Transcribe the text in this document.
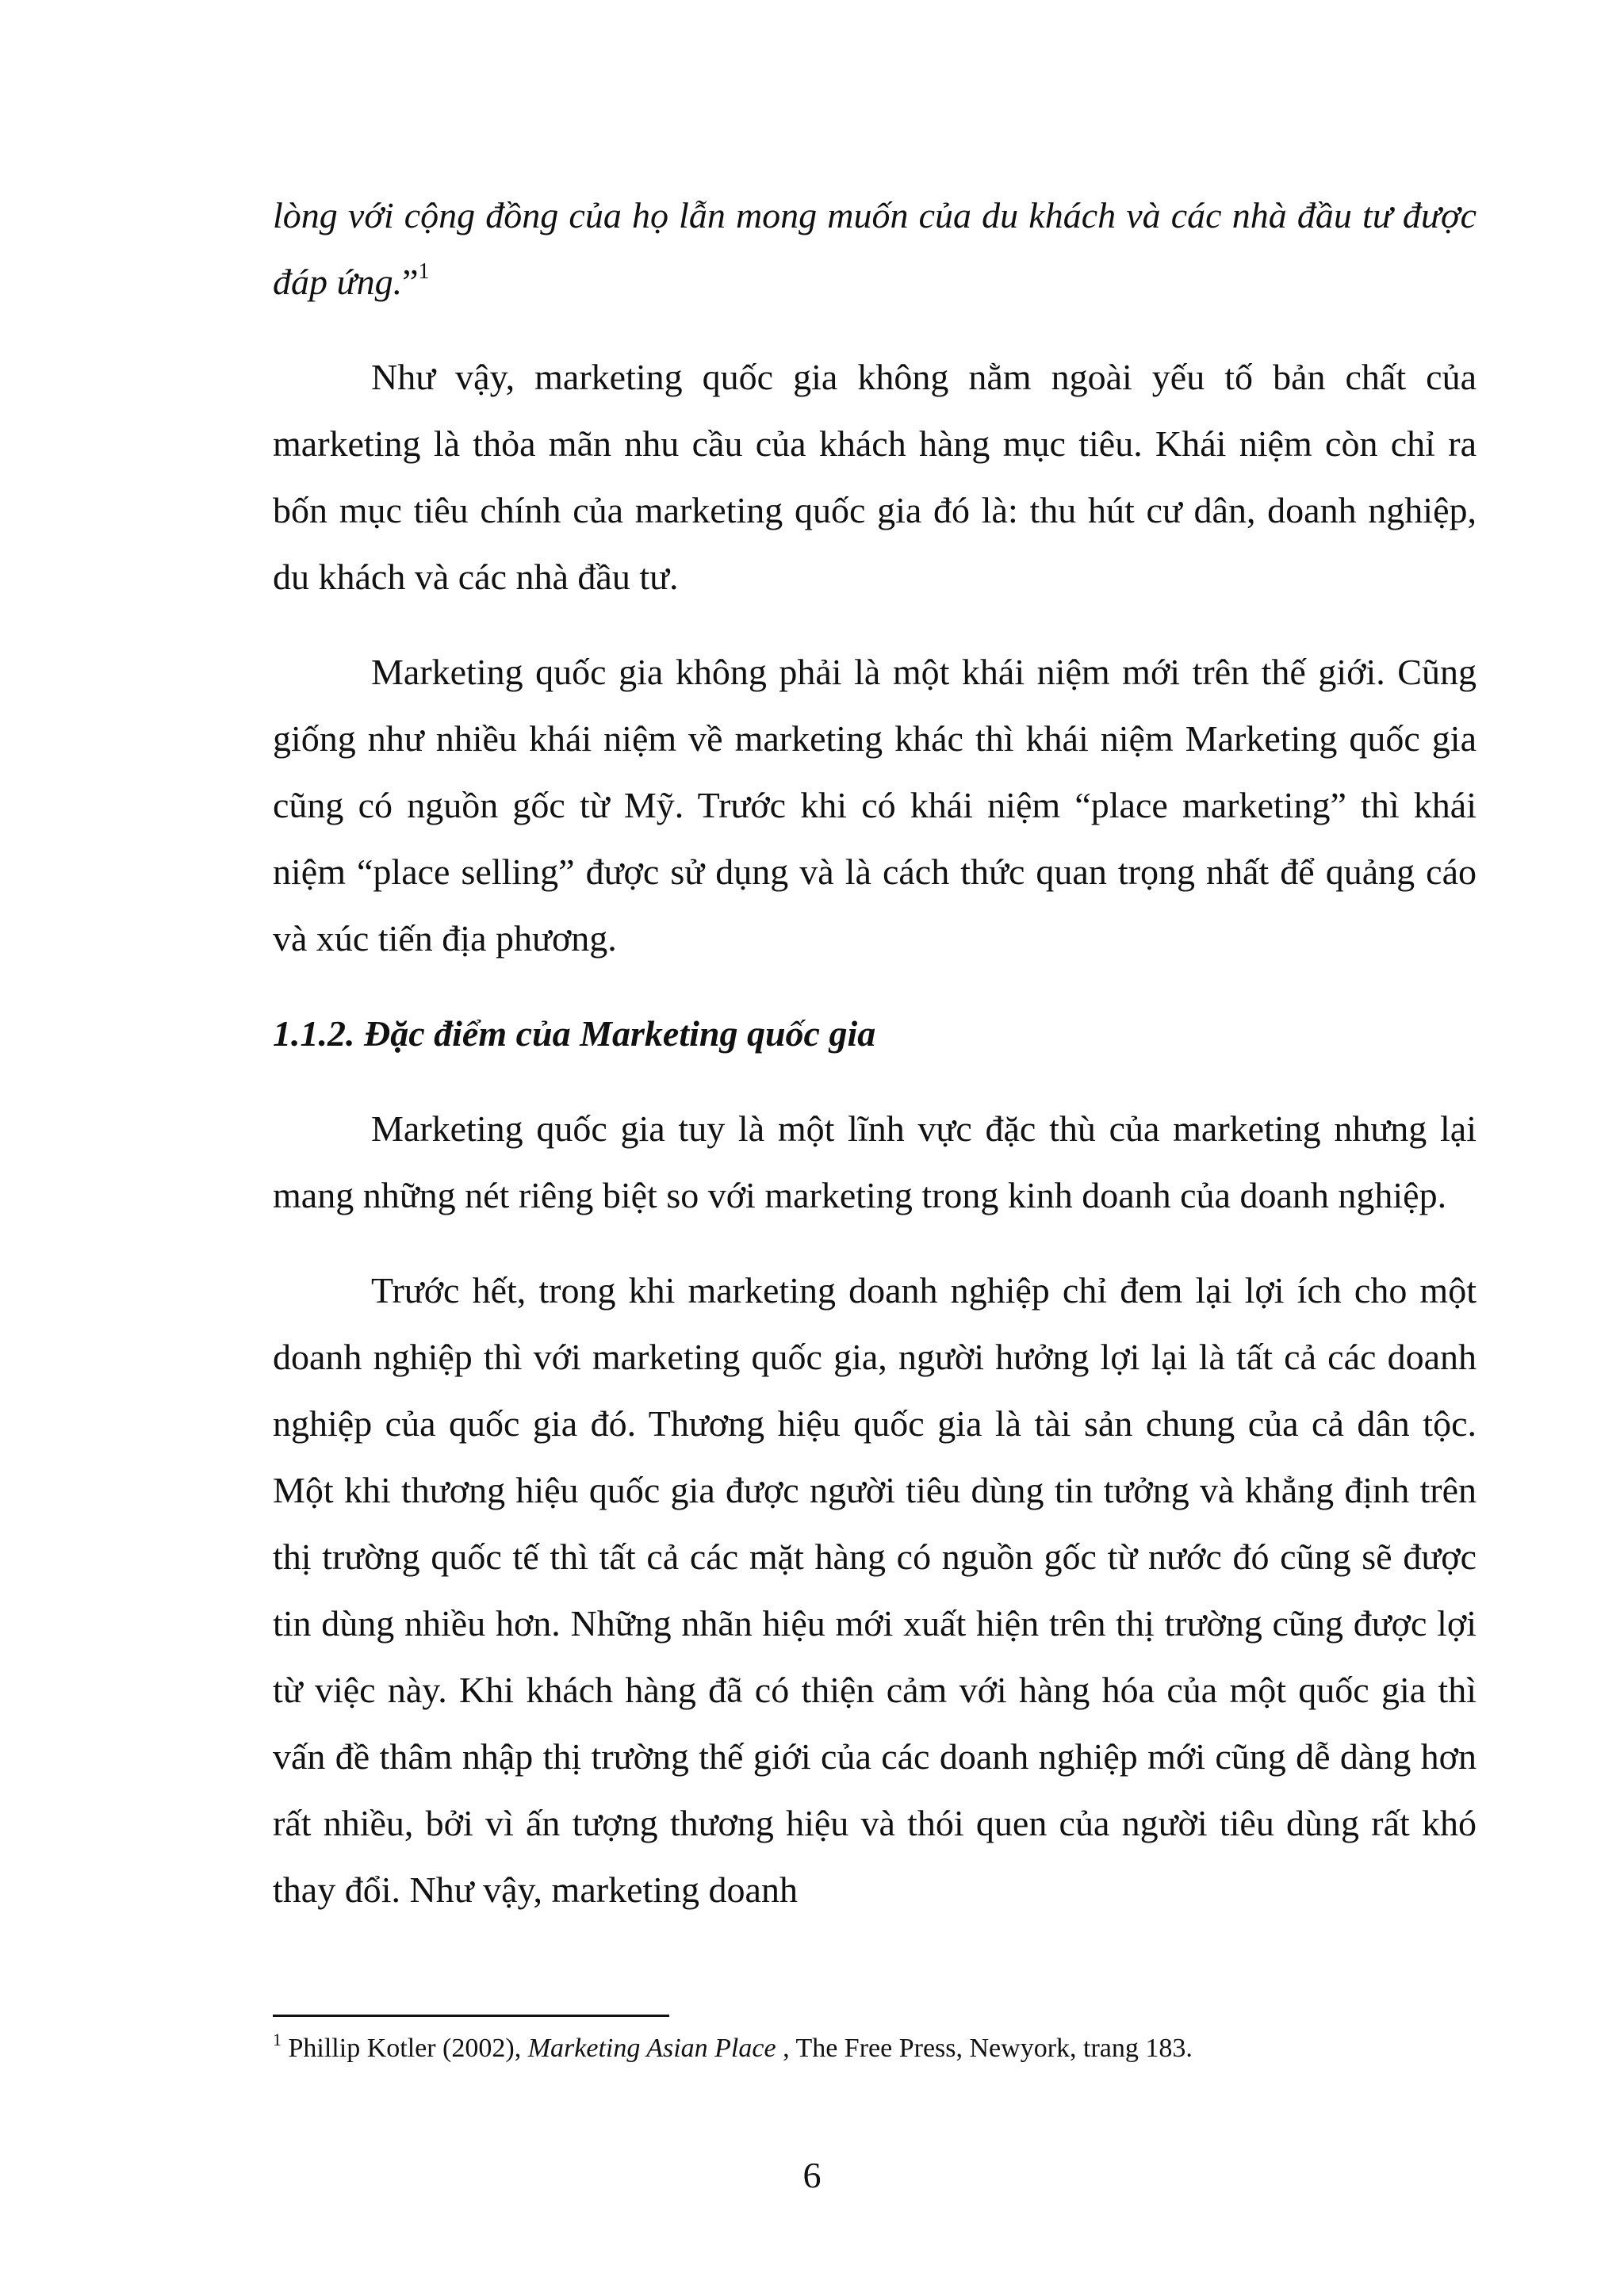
lòng với cộng đồng của họ lẫn mong muốn của du khách và các nhà đầu tư được đáp ứng.”$^1$

Như vậy, marketing quốc gia không nằm ngoài yếu tố bản chất của marketing là thỏa mãn nhu cầu của khách hàng mục tiêu. Khái niệm còn chỉ ra bốn mục tiêu chính của marketing quốc gia đó là: thu hút cư dân, doanh nghiệp, du khách và các nhà đầu tư.

Marketing quốc gia không phải là một khái niệm mới trên thế giới. Cũng giống như nhiều khái niệm về marketing khác thì khái niệm Marketing quốc gia cũng có nguồn gốc từ Mỹ. Trước khi có khái niệm “place marketing” thì khái niệm “place selling” được sử dụng và là cách thức quan trọng nhất để quảng cáo và xúc tiến địa phương.

1.1.2. Đặc điểm của Marketing quốc gia

Marketing quốc gia tuy là một lĩnh vực đặc thù của marketing nhưng lại mang những nét riêng biệt so với marketing trong kinh doanh của doanh nghiệp.

Trước hết, trong khi marketing doanh nghiệp chỉ đem lại lợi ích cho một doanh nghiệp thì với marketing quốc gia, người hưởng lợi lại là tất cả các doanh nghiệp của quốc gia đó. Thương hiệu quốc gia là tài sản chung của cả dân tộc. Một khi thương hiệu quốc gia được người tiêu dùng tin tưởng và khẳng định trên thị trường quốc tế thì tất cả các mặt hàng có nguồn gốc từ nước đó cũng sẽ được tin dùng nhiều hơn. Những nhãn hiệu mới xuất hiện trên thị trường cũng được lợi từ việc này. Khi khách hàng đã có thiện cảm với hàng hóa của một quốc gia thì vấn đề thâm nhập thị trường thế giới của các doanh nghiệp mới cũng dễ dàng hơn rất nhiều, bởi vì ấn tượng thương hiệu và thói quen của người tiêu dùng rất khó thay đổi. Như vậy, marketing doanh

$^1$ Phillip Kotler (2002), Marketing Asian Place , The Free Press, Newyork, trang 183.

6
